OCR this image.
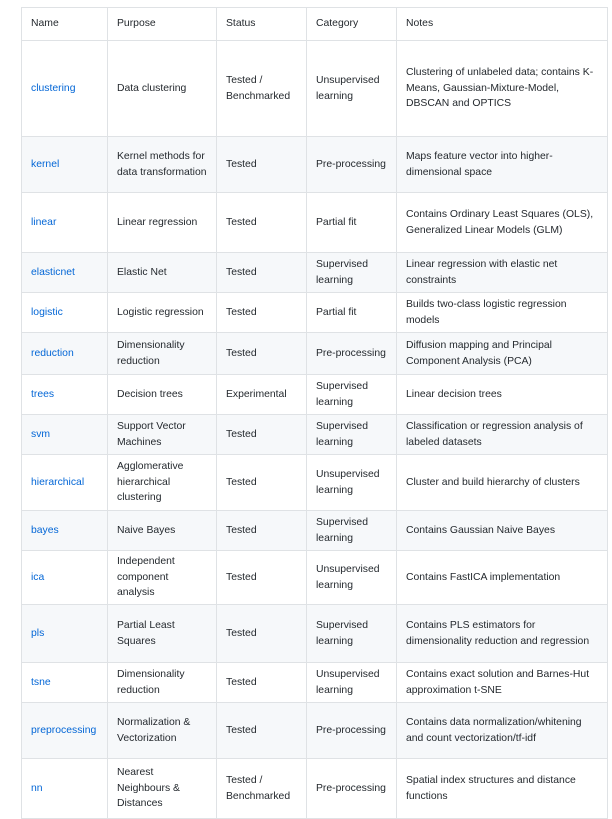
Name	Purpose	Status	Category	Notes
clustering	Data clustering	Tested / Benchmarked	Unsupervised learning	Clustering of unlabeled data; contains K-Means, Gaussian-Mixture-Model, DBSCAN and OPTICS
kernel	Kernel methods for data transformation	Tested	Pre-processing	Maps feature vector into higher-dimensional space
linear	Linear regression	Tested	Partial fit	Contains Ordinary Least Squares (OLS), Generalized Linear Models (GLM)
elasticnet	Elastic Net	Tested	Supervised learning	Linear regression with elastic net constraints
logistic	Logistic regression	Tested	Partial fit	Builds two-class logistic regression models
reduction	Dimensionality reduction	Tested	Pre-processing	Diffusion mapping and Principal Component Analysis (PCA)
trees	Decision trees	Experimental	Supervised learning	Linear decision trees
svm	Support Vector Machines	Tested	Supervised learning	Classification or regression analysis of labeled datasets
hierarchical	Agglomerative hierarchical clustering	Tested	Unsupervised learning	Cluster and build hierarchy of clusters
bayes	Naive Bayes	Tested	Supervised learning	Contains Gaussian Naive Bayes
ica	Independent component analysis	Tested	Unsupervised learning	Contains FastICA implementation
pls	Partial Least Squares	Tested	Supervised learning	Contains PLS estimators for dimensionality reduction and regression
tsne	Dimensionality reduction	Tested	Unsupervised learning	Contains exact solution and Barnes-Hut approximation t-SNE
preprocessing	Normalization & Vectorization	Tested	Pre-processing	Contains data normalization/whitening and count vectorization/tf-idf
nn	Nearest Neighbours & Distances	Tested / Benchmarked	Pre-processing	Spatial index structures and distance functions
